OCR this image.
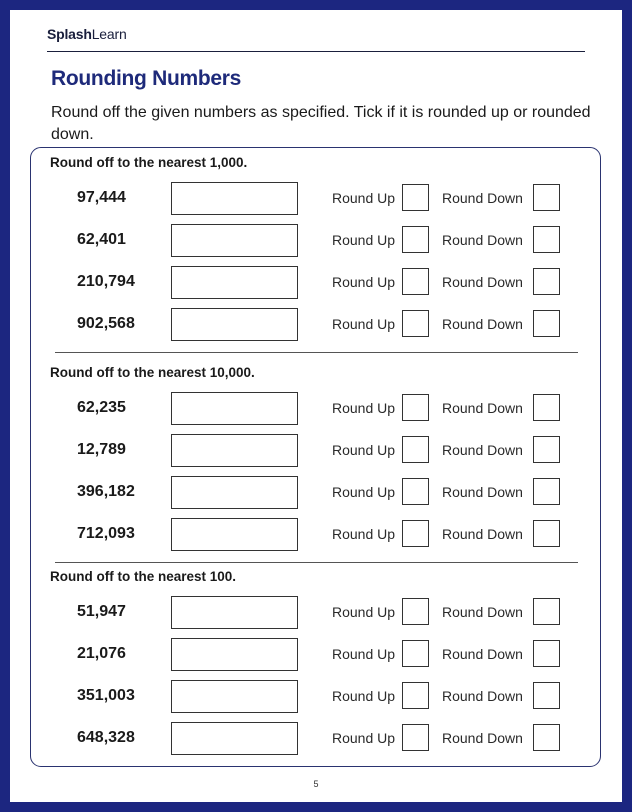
SplashLearn
Rounding Numbers
Round off the given numbers as specified. Tick if it is rounded up or rounded down.
Round off to the nearest 1,000.
97,444	Round Up	Round Down
62,401	Round Up	Round Down
210,794	Round Up	Round Down
902,568	Round Up	Round Down
Round off to the nearest 10,000.
62,235	Round Up	Round Down
12,789	Round Up	Round Down
396,182	Round Up	Round Down
712,093	Round Up	Round Down
Round off to the nearest 100.
51,947	Round Up	Round Down
21,076	Round Up	Round Down
351,003	Round Up	Round Down
648,328	Round Up	Round Down
5
